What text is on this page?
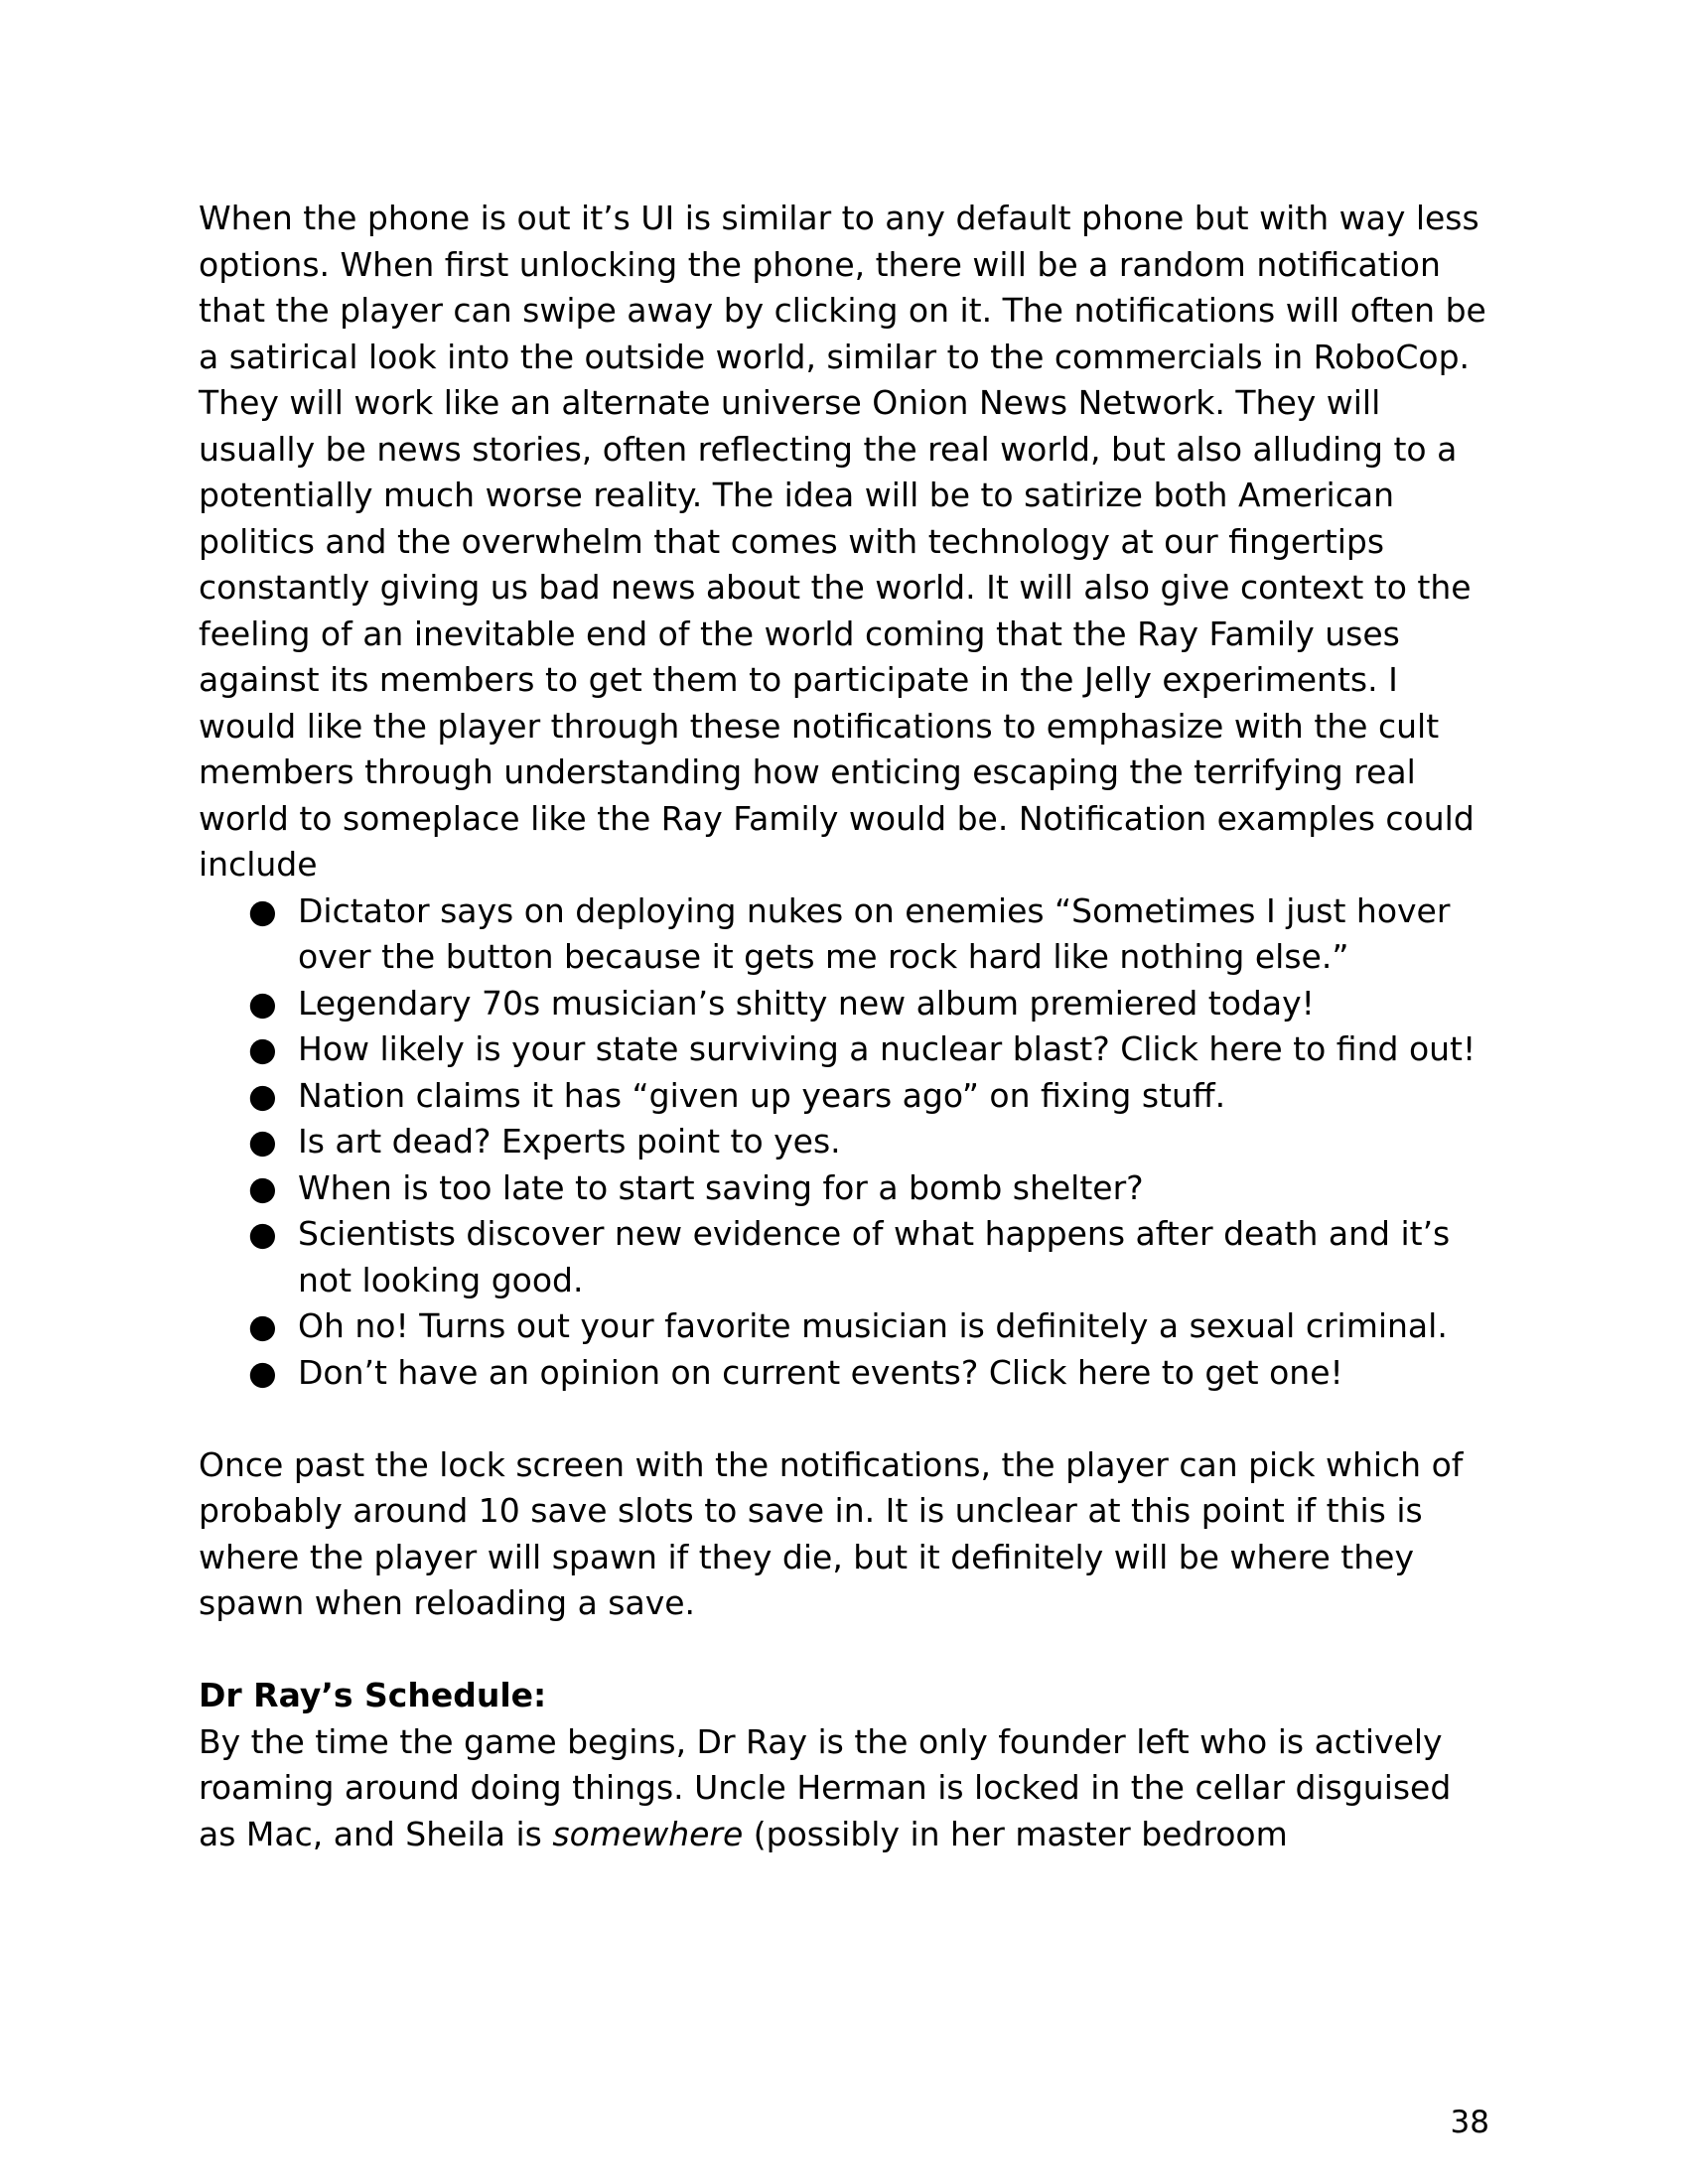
When the phone is out it’s UI is similar to any default phone but with way less options. When first unlocking the phone, there will be a random notification that the player can swipe away by clicking on it. The notifications will often be a satirical look into the outside world, similar to the commercials in RoboCop. They will work like an alternate universe Onion News Network. They will usually be news stories, often reflecting the real world, but also alluding to a potentially much worse reality. The idea will be to satirize both American politics and the overwhelm that comes with technology at our fingertips constantly giving us bad news about the world. It will also give context to the feeling of an inevitable end of the world coming that the Ray Family uses against its members to get them to participate in the Jelly experiments. I would like the player through these notifications to emphasize with the cult members through understanding how enticing escaping the terrifying real world to someplace like the Ray Family would be. Notification examples could include

● Dictator says on deploying nukes on enemies “Sometimes I just hover over the button because it gets me rock hard like nothing else.”
● Legendary 70s musician’s shitty new album premiered today!
● How likely is your state surviving a nuclear blast? Click here to find out!
● Nation claims it has “given up years ago” on fixing stuff.
● Is art dead? Experts point to yes.
● When is too late to start saving for a bomb shelter?
● Scientists discover new evidence of what happens after death and it’s not looking good.
● Oh no! Turns out your favorite musician is definitely a sexual criminal.
● Don’t have an opinion on current events? Click here to get one!

Once past the lock screen with the notifications, the player can pick which of probably around 10 save slots to save in. It is unclear at this point if this is where the player will spawn if they die, but it definitely will be where they spawn when reloading a save.

Dr Ray’s Schedule:

By the time the game begins, Dr Ray is the only founder left who is actively roaming around doing things. Uncle Herman is locked in the cellar disguised as Mac, and Sheila is somewhere (possibly in her master bedroom

38
